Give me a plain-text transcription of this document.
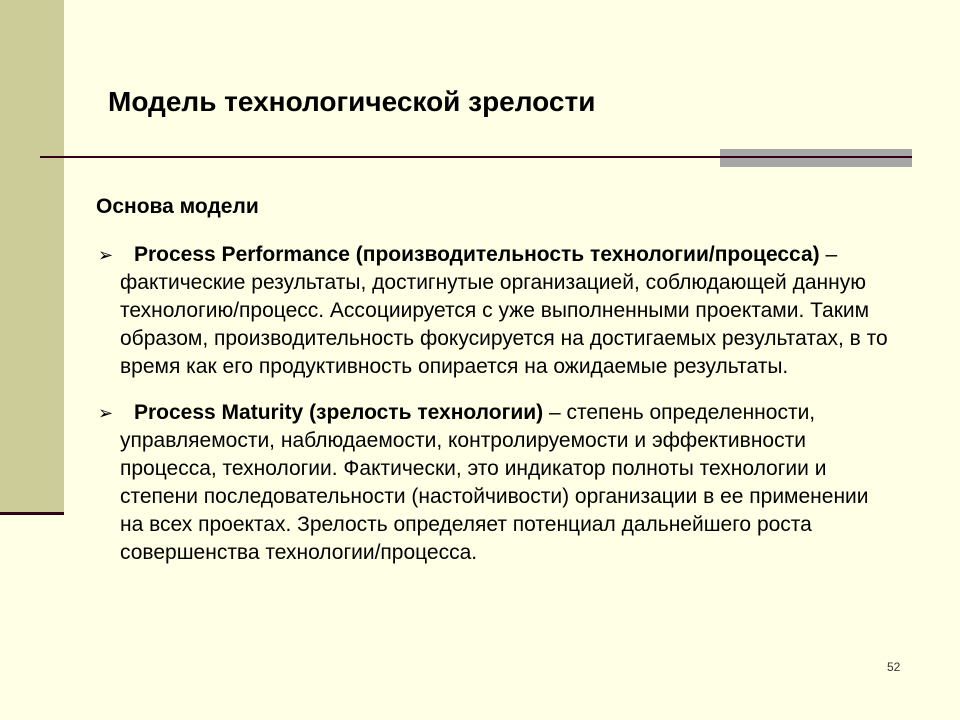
Модель технологической зрелости
Основа модели
➢ Process Performance (производительность технологии/процесса) – фактические результаты, достигнутые организацией, соблюдающей данную технологию/процесс. Ассоциируется с уже выполненными проектами. Таким образом, производительность фокусируется на достигаемых результатах, в то время как его продуктивность опирается на ожидаемые результаты.
➢ Process Maturity (зрелость технологии) – степень определенности, управляемости, наблюдаемости, контролируемости и эффективности процесса, технологии. Фактически, это индикатор полноты технологии и степени последовательности (настойчивости) организации в ее применении на всех проектах. Зрелость определяет потенциал дальнейшего роста совершенства технологии/процесса.
52
